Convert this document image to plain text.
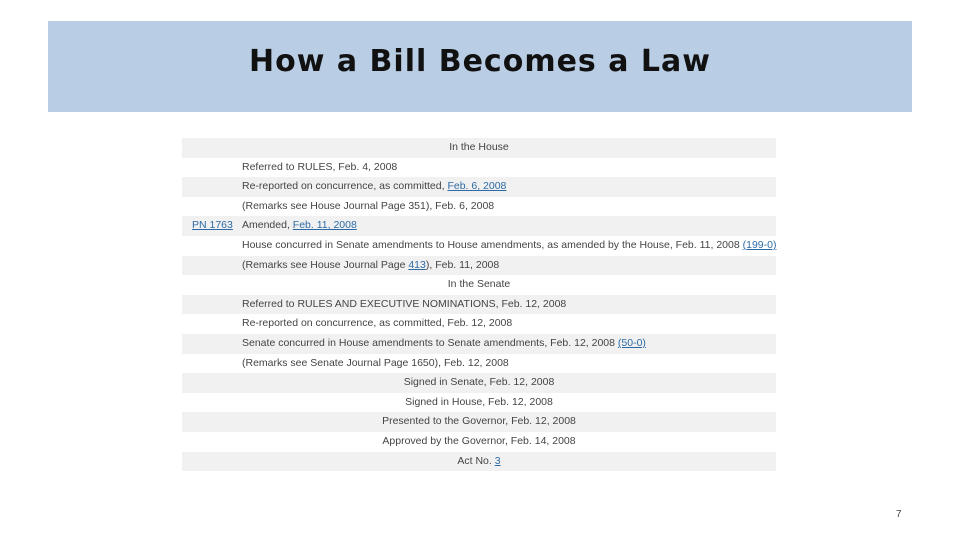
How a Bill Becomes a Law
In the House
Referred to RULES, Feb. 4, 2008
Re-reported on concurrence, as committed, Feb. 6, 2008
(Remarks see House Journal Page 351), Feb. 6, 2008
PN 1763 Amended, Feb. 11, 2008
House concurred in Senate amendments to House amendments, as amended by the House, Feb. 11, 2008 (199-0)
(Remarks see House Journal Page 413), Feb. 11, 2008
In the Senate
Referred to RULES AND EXECUTIVE NOMINATIONS, Feb. 12, 2008
Re-reported on concurrence, as committed, Feb. 12, 2008
Senate concurred in House amendments to Senate amendments, Feb. 12, 2008 (50-0)
(Remarks see Senate Journal Page 1650), Feb. 12, 2008
Signed in Senate, Feb. 12, 2008
Signed in House, Feb. 12, 2008
Presented to the Governor, Feb. 12, 2008
Approved by the Governor, Feb. 14, 2008
Act No. 3
7
